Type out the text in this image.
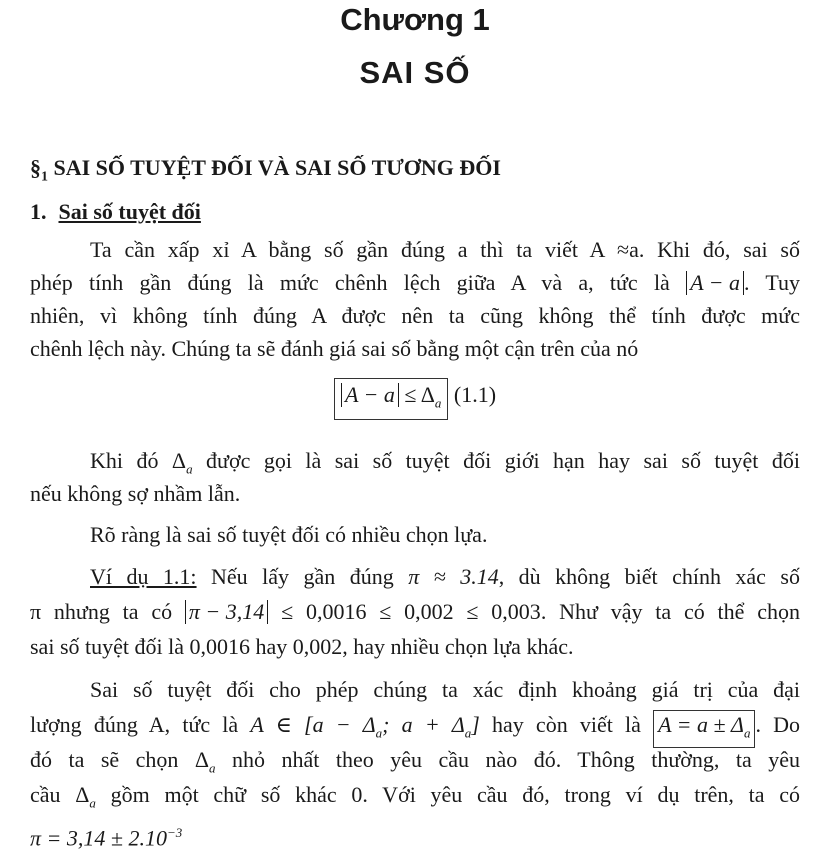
Chương 1
SAI SỐ
$\S_1$ SAI SỐ TUYỆT ĐỐI VÀ SAI SỐ TƯƠNG ĐỐI
1. Sai số tuyệt đối
Ta cần xấp xỉ A bằng số gần đúng a thì ta viết A ≈a. Khi đó, sai số
phép tính gần đúng là mức chênh lệch giữa A và a, tức là A − a . Tuy
nhiên, vì không tính đúng A được nên ta cũng không thể tính được mức
chênh lệch này. Chúng ta sẽ đánh giá sai số bằng một cận trên của nó
$A - a \le \Delta_a$ (1.1)
Khi đó $\Delta_a$ được gọi là sai số tuyệt đối giới hạn hay sai số tuyệt đối
nếu không sợ nhầm lẫn.
Rõ ràng là sai số tuyệt đối có nhiều chọn lựa.
Ví dụ 1.1: Nếu lấy gần đúng π ≈ 3.14, dù không biết chính xác số
π nhưng ta có π − 3,14 ≤ 0,0016 ≤ 0,002 ≤ 0,003. Như vậy ta có thể chọn
sai số tuyệt đối là 0,0016 hay 0,002, hay nhiều chọn lựa khác.
Sai số tuyệt đối cho phép chúng ta xác định khoảng giá trị của đại
lượng đúng A, tức là A ∈ [$a - \Delta_a$; $a + \Delta_a$] hay còn viết là $A = a \pm \Delta_a$ . Do
đó ta sẽ chọn $\Delta_a$ nhỏ nhất theo yêu cầu nào đó. Thông thường, ta yêu
cầu $\Delta_a$ gồm một chữ số khác 0. Với yêu cầu đó, trong ví dụ trên, ta có
$\pi = 3,14 \pm 2.10^{-3}$
